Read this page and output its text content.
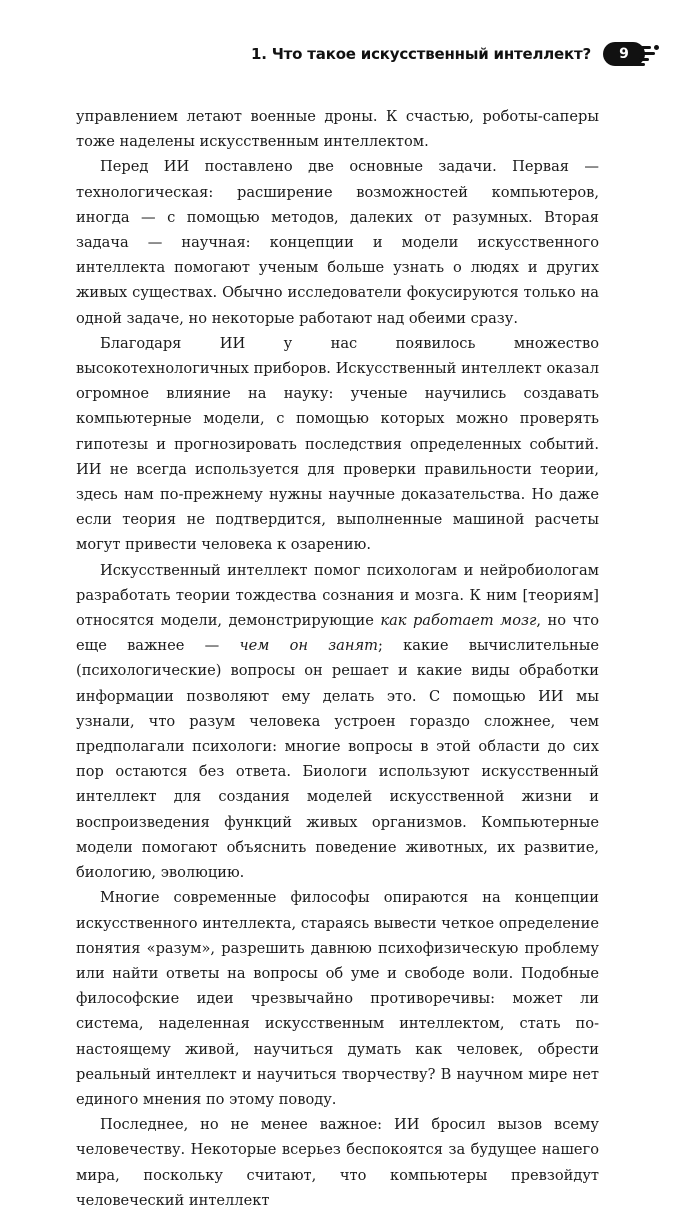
1. Что такое искусственный интеллект?	9

управлением летают военные дроны. К счастью, роботы-саперы тоже наделены искусственным интеллектом.

Перед ИИ поставлено две основные задачи. Первая — технологическая: расширение возможностей компьютеров, иногда — с помощью методов, далеких от разумных. Вторая задача — научная: концепции и модели искусственного интеллекта помогают ученым больше узнать о людях и других живых существах. Обычно исследователи фокусируются только на одной задаче, но некоторые работают над обеими сразу.

Благодаря ИИ у нас появилось множество высокотехнологичных приборов. Искусственный интеллект оказал огромное влияние на науку: ученые научились создавать компьютерные модели, с помощью которых можно проверять гипотезы и прогнозировать последствия определенных событий. ИИ не всегда используется для проверки правильности теории, здесь нам по-прежнему нужны научные доказательства. Но даже если теория не подтвердится, выполненные машиной расчеты могут привести человека к озарению.

Искусственный интеллект помог психологам и нейробиологам разработать теории тождества сознания и мозга. К ним [теориям] относятся модели, демонстрирующие как работает мозг, но что еще важнее — чем он занят; какие вычислительные (психологические) вопросы он решает и какие виды обработки информации позволяют ему делать это. С помощью ИИ мы узнали, что разум человека устроен гораздо сложнее, чем предполагали психологи: многие вопросы в этой области до сих пор остаются без ответа. Биологи используют искусственный интеллект для создания моделей искусственной жизни и воспроизведения функций живых организмов. Компьютерные модели помогают объяснить поведение животных, их развитие, биологию, эволюцию.

Многие современные философы опираются на концепции искусственного интеллекта, стараясь вывести четкое определение понятия «разум», разрешить давнюю психофизическую проблему или найти ответы на вопросы об уме и свободе воли. Подобные философские идеи чрезвычайно противоречивы: может ли система, наделенная искусственным интеллектом, стать по-настоящему живой, научиться думать как человек, обрести реальный интеллект и научиться творчеству? В научном мире нет единого мнения по этому поводу.

Последнее, но не менее важное: ИИ бросил вызов всему человечеству. Некоторые всерьез беспокоятся за будущее нашего мира, поскольку считают, что компьютеры превзойдут человеческий интеллект
